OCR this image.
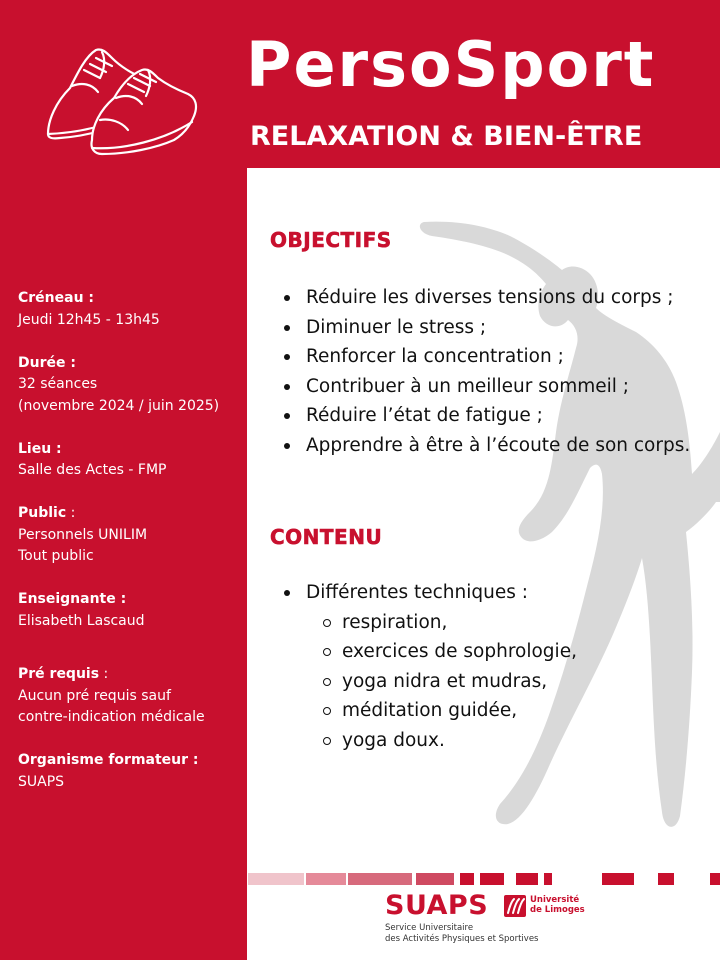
PersoSport
RELAXATION & BIEN-ÊTRE
Créneau :
Jeudi 12h45 - 13h45
Durée :
32 séances
(novembre 2024 / juin 2025)
Lieu :
Salle des Actes - FMP
Public :
Personnels UNILIM
Tout public
Enseignante :
Elisabeth Lascaud
Pré requis :
Aucun pré requis sauf
contre-indication médicale
Organisme formateur :
SUAPS
OBJECTIFS
Réduire les diverses tensions du corps ;
Diminuer le stress ;
Renforcer la concentration ;
Contribuer à un meilleur sommeil ;
Réduire l’état de fatigue ;
Apprendre à être à l’écoute de son corps.
CONTENU
Différentes techniques :
respiration,
exercices de sophrologie,
yoga nidra et mudras,
méditation guidée,
yoga doux.
SUAPS	Université
de Limoges
Service Universitaire
des Activités Physiques et Sportives
